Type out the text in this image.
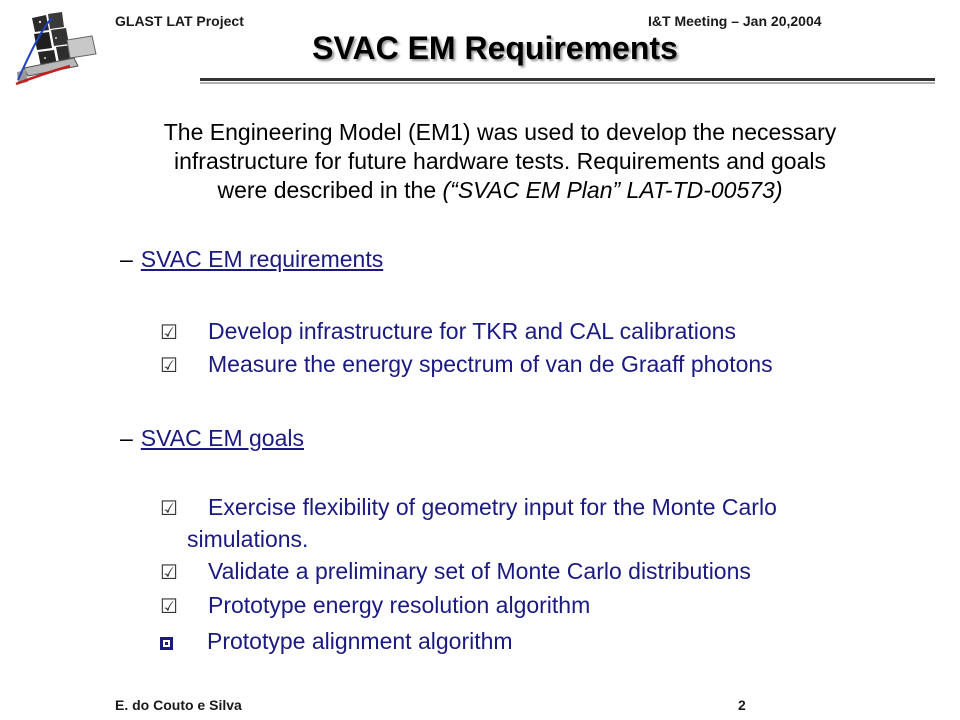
GLAST LAT Project	I&T Meeting – Jan 20,2004
SVAC EM Requirements
The Engineering Model (EM1) was used to develop the necessary
infrastructure for future hardware tests. Requirements and goals
were described in the (“SVAC EM Plan” LAT-TD-00573)
– SVAC EM requirements
☑ Develop infrastructure for TKR and CAL calibrations
☑ Measure the energy spectrum of van de Graaff photons
– SVAC EM goals
☑ Exercise flexibility of geometry input for the Monte Carlo
simulations.
☑ Validate a preliminary set of Monte Carlo distributions
☑ Prototype energy resolution algorithm
Prototype alignment algorithm
E. do Couto e Silva	2
